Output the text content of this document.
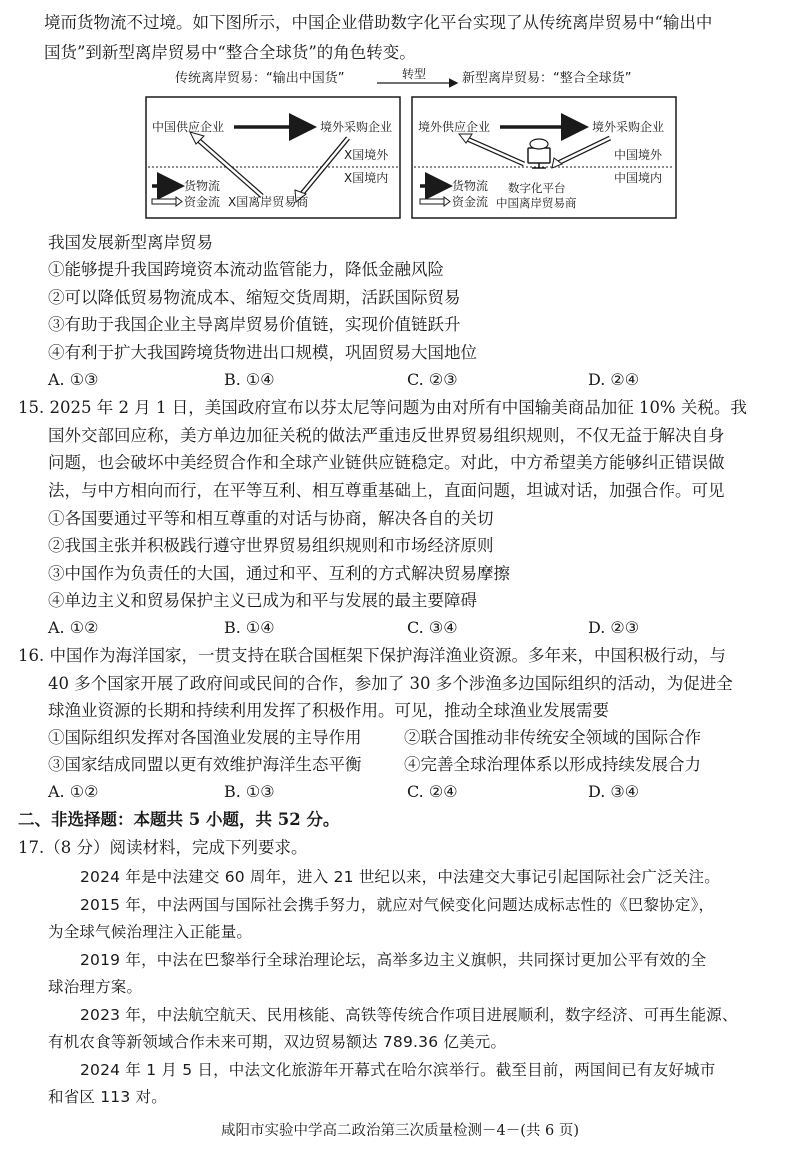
境而货物流不过境。如下图所示，中国企业借助数字化平台实现了从传统离岸贸易中“输出中
国货”到新型离岸贸易中“整合全球货”的角色转变。
传统离岸贸易：“输出中国货”	转型	新型离岸贸易：“整合全球货”
中国供应企业	境外采购企业
X国境外
X国境内
货物流
资金流 X国离岸贸易商
境外供应企业	境外采购企业
中国境外
中国境内
货物流
资金流
数字化平台
中国离岸贸易商
我国发展新型离岸贸易
①能够提升我国跨境资本流动监管能力，降低金融风险
②可以降低贸易物流成本、缩短交货周期，活跃国际贸易
③有助于我国企业主导离岸贸易价值链，实现价值链跃升
④有利于扩大我国跨境货物进出口规模，巩固贸易大国地位
A. ①③	B. ①④	C. ②③	D. ②④
15. 2025 年 2 月 1 日，美国政府宣布以芬太尼等问题为由对所有中国输美商品加征 10% 关税。我
国外交部回应称，美方单边加征关税的做法严重违反世界贸易组织规则，不仅无益于解决自身
问题，也会破坏中美经贸合作和全球产业链供应链稳定。对此，中方希望美方能够纠正错误做
法，与中方相向而行，在平等互利、相互尊重基础上，直面问题，坦诚对话，加强合作。可见
①各国要通过平等和相互尊重的对话与协商，解决各自的关切
②我国主张并积极践行遵守世界贸易组织规则和市场经济原则
③中国作为负责任的大国，通过和平、互利的方式解决贸易摩擦
④单边主义和贸易保护主义已成为和平与发展的最主要障碍
A. ①②	B. ①④	C. ③④	D. ②③
16. 中国作为海洋国家，一贯支持在联合国框架下保护海洋渔业资源。多年来，中国积极行动，与
40 多个国家开展了政府间或民间的合作，参加了 30 多个涉渔多边国际组织的活动，为促进全
球渔业资源的长期和持续利用发挥了积极作用。可见，推动全球渔业发展需要
①国际组织发挥对各国渔业发展的主导作用	②联合国推动非传统安全领域的国际合作
③国家结成同盟以更有效维护海洋生态平衡	④完善全球治理体系以形成持续发展合力
A. ①②	B. ①③	C. ②④	D. ③④
二、非选择题：本题共 5 小题，共 52 分。
17.（8 分）阅读材料，完成下列要求。
2024 年是中法建交 60 周年，进入 21 世纪以来，中法建交大事记引起国际社会广泛关注。
2015 年，中法两国与国际社会携手努力，就应对气候变化问题达成标志性的《巴黎协定》，
为全球气候治理注入正能量。
2019 年，中法在巴黎举行全球治理论坛，高举多边主义旗帜，共同探讨更加公平有效的全
球治理方案。
2023 年，中法航空航天、民用核能、高铁等传统合作项目进展顺利，数字经济、可再生能源、
有机农食等新领域合作未来可期，双边贸易额达 789.36 亿美元。
2024 年 1 月 5 日，中法文化旅游年开幕式在哈尔滨举行。截至目前，两国间已有友好城市
和省区 113 对。
咸阳市实验中学高二政治第三次质量检测－4－(共 6 页)
